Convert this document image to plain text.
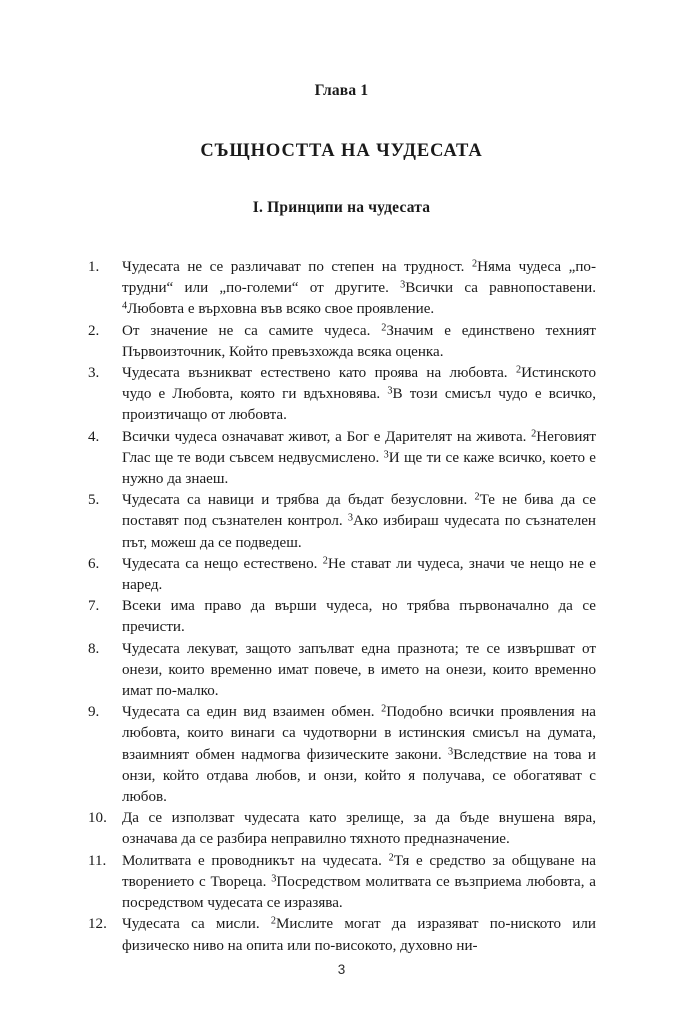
Глава 1
СЪЩНОСТТА НА ЧУДЕСАТА
I. Принципи на чудесата
1.	Чудесата не се различават по степен на трудност. $^2$Няма чудеса „по-трудни“ или „по-големи“ от другите. $^3$Всички са равнопоставени. $^4$Любовта е върховна във всяко свое проявление.
2.	От значение не са самите чудеса. $^2$Значим е единствено техният Първоизточник, Който превъзхожда всяка оценка.
3.	Чудесата възникват естествено като проява на любовта. $^2$Истинското чудо е Любовта, която ги вдъхновява. $^3$В този смисъл чудо е всичко, произтичащо от любовта.
4.	Всички чудеса означават живот, а Бог е Дарителят на живота. $^2$Неговият Глас ще те води съвсем недвусмислено. $^3$И ще ти се каже всичко, което е нужно да знаеш.
5.	Чудесата са навици и трябва да бъдат безусловни. $^2$Те не бива да се поставят под съзнателен контрол. $^3$Ако избираш чудесата по съзнателен път, можеш да се подведеш.
6.	Чудесата са нещо естествено. $^2$Не стават ли чудеса, значи че нещо не е наред.
7.	Всеки има право да върши чудеса, но трябва първоначално да се пречисти.
8.	Чудесата лекуват, защото запълват една празнота; те се извършват от онези, които временно имат повече, в името на онези, които временно имат по-малко.
9.	Чудесата са един вид взаимен обмен. $^2$Подобно всички проявления на любовта, които винаги са чудотворни в истинския смисъл на думата, взаимният обмен надмогва физическите закони. $^3$Вследствие на това и онзи, който отдава любов, и онзи, който я получава, се обогатяват с любов.
10.	Да се използват чудесата като зрелище, за да бъде внушена вяра, означава да се разбира неправилно тяхното предназначение.
11.	Молитвата е проводникът на чудесата. $^2$Тя е средство за общуване на творението с Твореца. $^3$Посредством молитвата се възприема любовта, а посредством чудесата се изразява.
12.	Чудесата са мисли. $^2$Мислите могат да изразяват по-ниското или физическо ниво на опита или по-високото, духовно ни-
3
